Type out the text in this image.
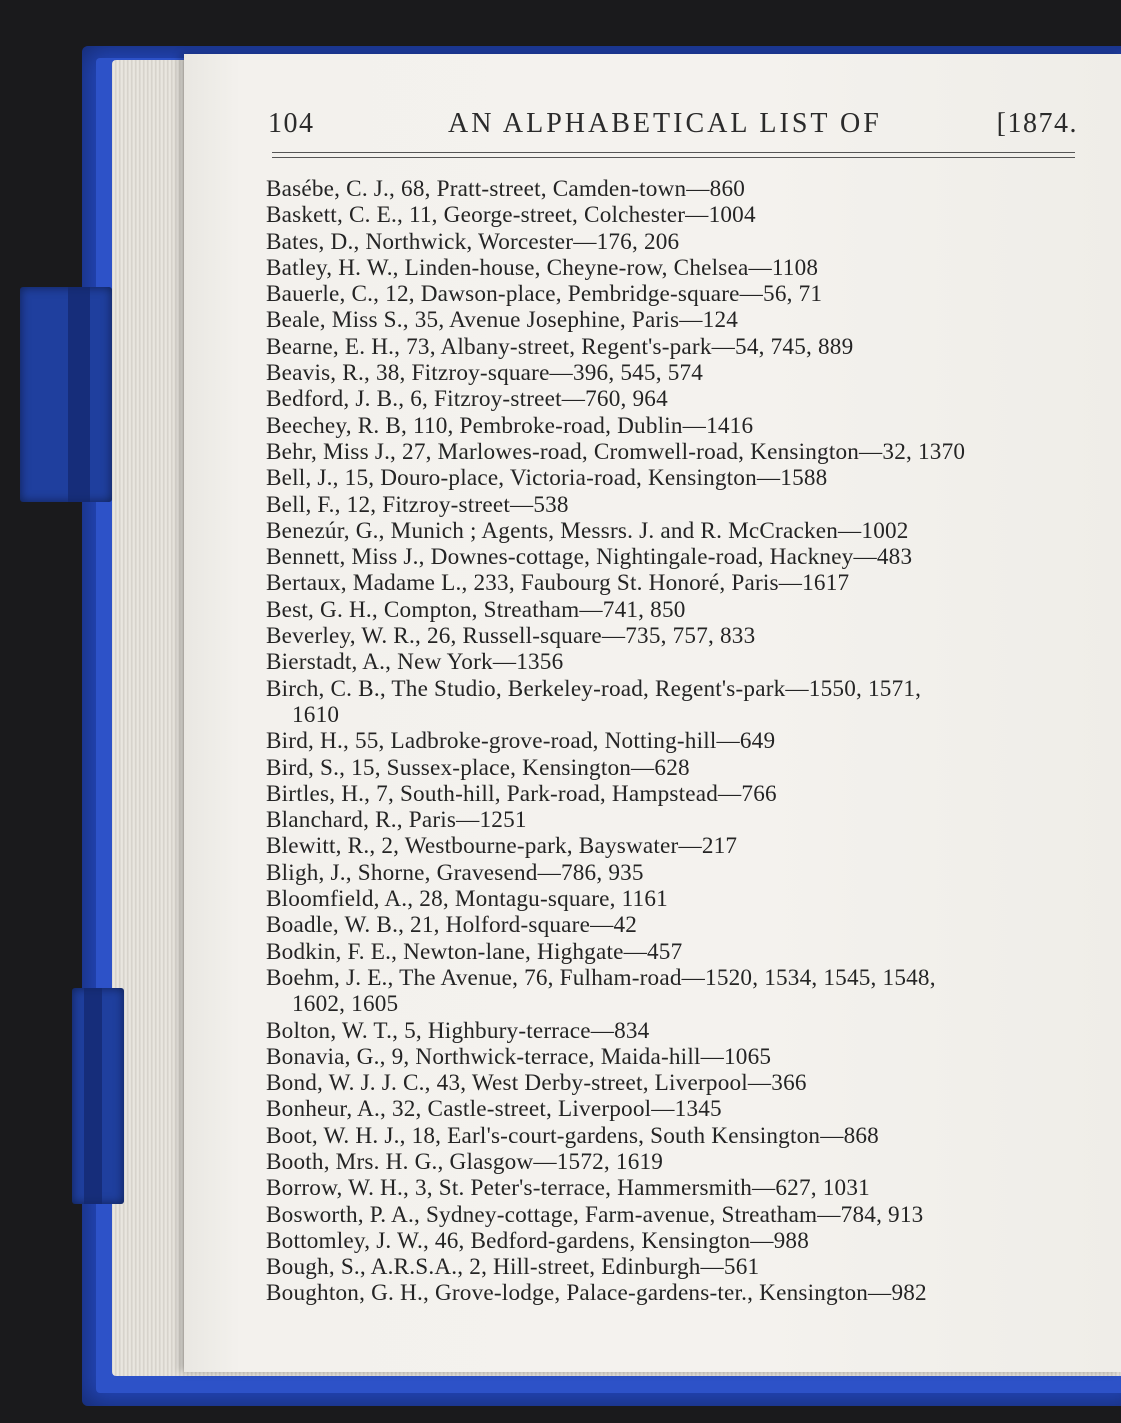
104	AN ALPHABETICAL LIST OF	[1874.
Basébe, C. J., 68, Pratt-street, Camden-town—860
Baskett, C. E., 11, George-street, Colchester—1004
Bates, D., Northwick, Worcester—176, 206
Batley, H. W., Linden-house, Cheyne-row, Chelsea—1108
Bauerle, C., 12, Dawson-place, Pembridge-square—56, 71
Beale, Miss S., 35, Avenue Josephine, Paris—124
Bearne, E. H., 73, Albany-street, Regent's-park—54, 745, 889
Beavis, R., 38, Fitzroy-square—396, 545, 574
Bedford, J. B., 6, Fitzroy-street—760, 964
Beechey, R. B, 110, Pembroke-road, Dublin—1416
Behr, Miss J., 27, Marlowes-road, Cromwell-road, Kensington—32, 1370
Bell, J., 15, Douro-place, Victoria-road, Kensington—1588
Bell, F., 12, Fitzroy-street—538
Benezúr, G., Munich ; Agents, Messrs. J. and R. McCracken—1002
Bennett, Miss J., Downes-cottage, Nightingale-road, Hackney—483
Bertaux, Madame L., 233, Faubourg St. Honoré, Paris—1617
Best, G. H., Compton, Streatham—741, 850
Beverley, W. R., 26, Russell-square—735, 757, 833
Bierstadt, A., New York—1356
Birch, C. B., The Studio, Berkeley-road, Regent's-park—1550, 1571,
1610
Bird, H., 55, Ladbroke-grove-road, Notting-hill—649
Bird, S., 15, Sussex-place, Kensington—628
Birtles, H., 7, South-hill, Park-road, Hampstead—766
Blanchard, R., Paris—1251
Blewitt, R., 2, Westbourne-park, Bayswater—217
Bligh, J., Shorne, Gravesend—786, 935
Bloomfield, A., 28, Montagu-square, 1161
Boadle, W. B., 21, Holford-square—42
Bodkin, F. E., Newton-lane, Highgate—457
Boehm, J. E., The Avenue, 76, Fulham-road—1520, 1534, 1545, 1548,
1602, 1605
Bolton, W. T., 5, Highbury-terrace—834
Bonavia, G., 9, Northwick-terrace, Maida-hill—1065
Bond, W. J. J. C., 43, West Derby-street, Liverpool—366
Bonheur, A., 32, Castle-street, Liverpool—1345
Boot, W. H. J., 18, Earl's-court-gardens, South Kensington—868
Booth, Mrs. H. G., Glasgow—1572, 1619
Borrow, W. H., 3, St. Peter's-terrace, Hammersmith—627, 1031
Bosworth, P. A., Sydney-cottage, Farm-avenue, Streatham—784, 913
Bottomley, J. W., 46, Bedford-gardens, Kensington—988
Bough, S., A.R.S.A., 2, Hill-street, Edinburgh—561
Boughton, G. H., Grove-lodge, Palace-gardens-ter., Kensington—982
